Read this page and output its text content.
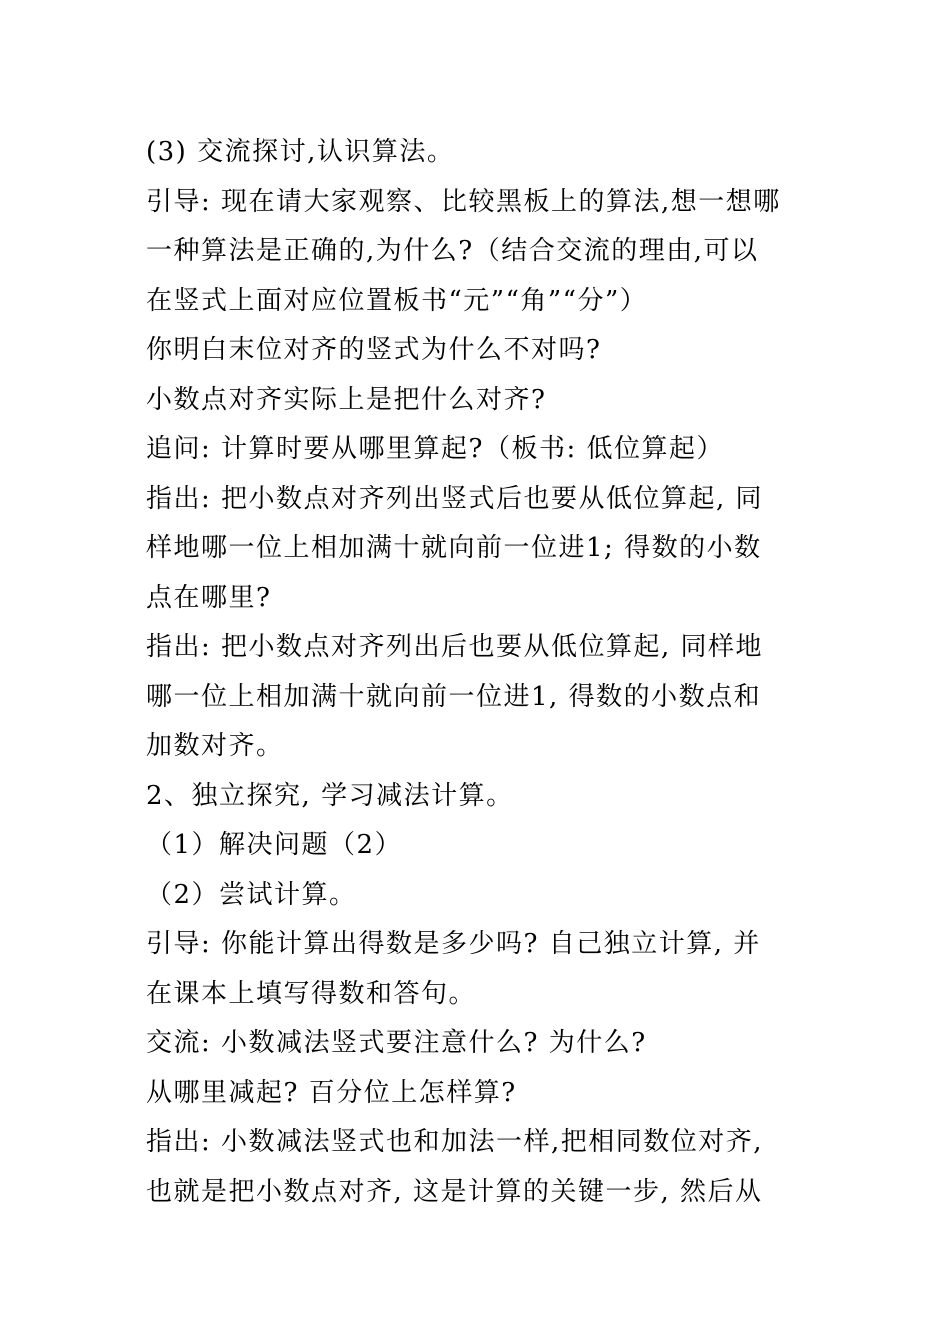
(3) 交流探讨,认识算法。
引导: 现在请大家观察、比较黑板上的算法,想一想哪
一种算法是正确的,为什么?（结合交流的理由,可以
在竖式上面对应位置板书“元”“角”“分”）
你明白末位对齐的竖式为什么不对吗?
小数点对齐实际上是把什么对齐?
追问: 计算时要从哪里算起?（板书: 低位算起）
指出: 把小数点对齐列出竖式后也要从低位算起, 同
样地哪一位上相加满十就向前一位进1; 得数的小数
点在哪里?
指出: 把小数点对齐列出后也要从低位算起, 同样地
哪一位上相加满十就向前一位进1, 得数的小数点和
加数对齐。
2、独立探究, 学习减法计算。
（1）解决问题（2）
（2）尝试计算。
引导: 你能计算出得数是多少吗? 自己独立计算, 并
在课本上填写得数和答句。
交流: 小数减法竖式要注意什么? 为什么?
从哪里减起? 百分位上怎样算?
指出: 小数减法竖式也和加法一样,把相同数位对齐,
也就是把小数点对齐, 这是计算的关键一步, 然后从
